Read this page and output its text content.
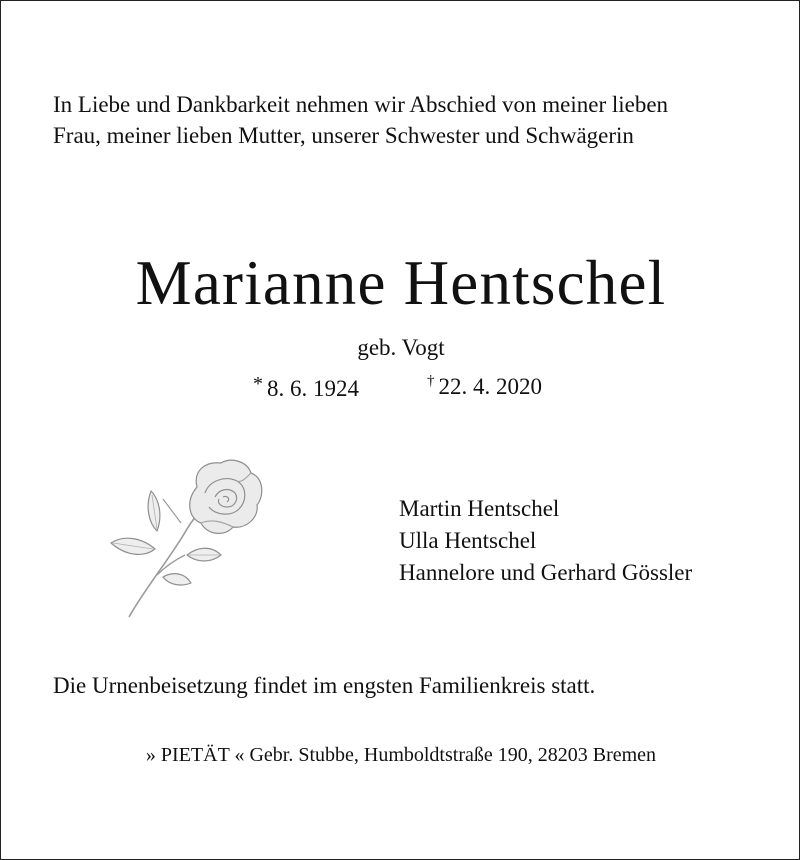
In Liebe und Dankbarkeit nehmen wir Abschied von meiner lieben
Frau, meiner lieben Mutter, unserer Schwester und Schwägerin
Marianne Hentschel
geb. Vogt
* 8. 6. 1924	† 22. 4. 2020
Martin Hentschel
Ulla Hentschel
Hannelore und Gerhard Gössler
Die Urnenbeisetzung findet im engsten Familienkreis statt.
» PIETÄT « Gebr. Stubbe, Humboldtstraße 190, 28203 Bremen
